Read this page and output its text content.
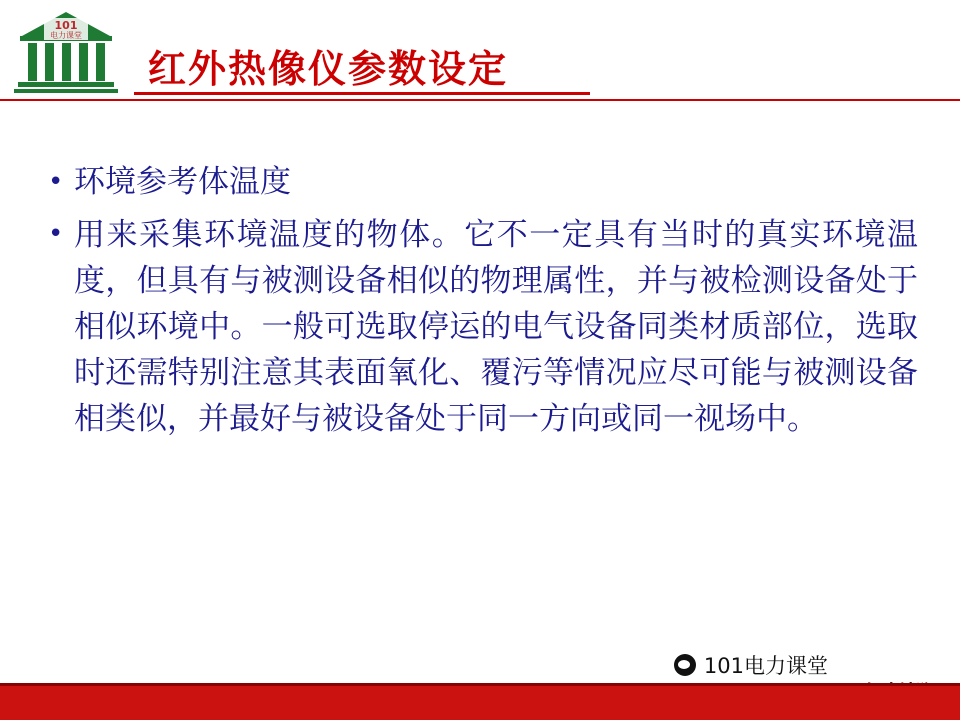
101
电力课堂
红外热像仪参数设定
• 环境参考体温度
• 用来采集环境温度的物体。它不一定具有当时的真实环境温度，但具有与被测设备相似的物理属性，并与被检测设备处于相似环境中。一般可选取停运的电气设备同类材质部位，选取时还需特别注意其表面氧化、覆污等情况应尽可能与被测设备相类似，并最好与被设备处于同一方向或同一视场中。
101电力课堂
